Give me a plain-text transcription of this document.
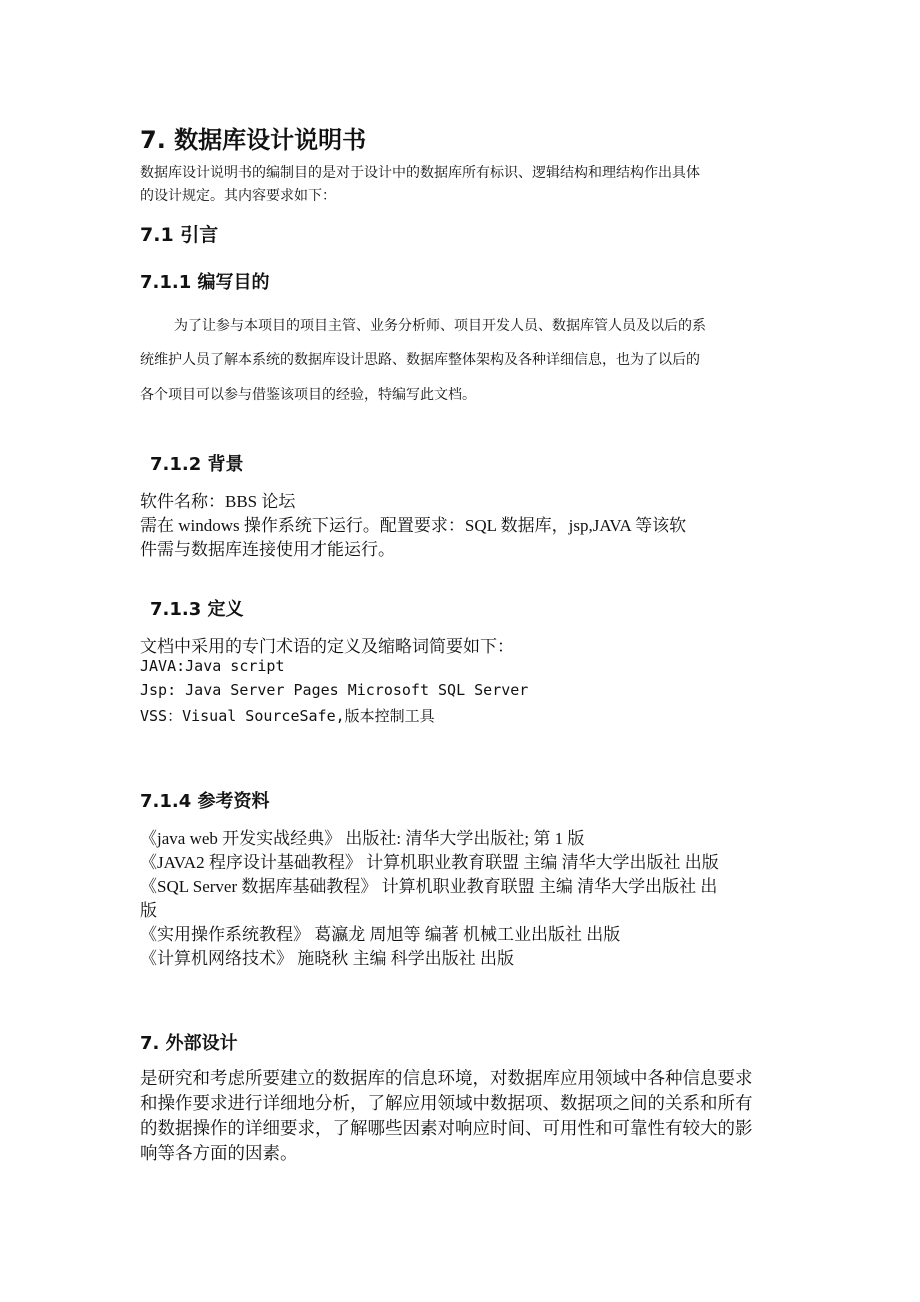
7. 数据库设计说明书
数据库设计说明书的编制目的是对于设计中的数据库所有标识、逻辑结构和理结构作出具体
的设计规定。其内容要求如下：
7.1 引言
7.1.1 编写目的
为了让参与本项目的项目主管、业务分析师、项目开发人员、数据库管人员及以后的系
统维护人员了解本系统的数据库设计思路、数据库整体架构及各种详细信息，也为了以后的
各个项目可以参与借鉴该项目的经验，特编写此文档。
7.1.2 背景
软件名称：BBS 论坛
需在 windows 操作系统下运行。配置要求：SQL 数据库，jsp,JAVA 等该软
件需与数据库连接使用才能运行。
7.1.3 定义
文档中采用的专门术语的定义及缩略词简要如下：
JAVA:Java script
Jsp: Java Server Pages Microsoft SQL Server
VSS：Visual SourceSafe,版本控制工具
7.1.4 参考资料
《java web 开发实战经典》 出版社: 清华大学出版社; 第 1 版
《JAVA2 程序设计基础教程》 计算机职业教育联盟 主编 清华大学出版社 出版
《SQL Server 数据库基础教程》 计算机职业教育联盟 主编 清华大学出版社 出
版
《实用操作系统教程》 葛瀛龙 周旭等 编著 机械工业出版社 出版
《计算机网络技术》 施晓秋 主编 科学出版社 出版
7. 外部设计
是研究和考虑所要建立的数据库的信息环境，对数据库应用领域中各种信息要求
和操作要求进行详细地分析，了解应用领域中数据项、数据项之间的关系和所有
的数据操作的详细要求，了解哪些因素对响应时间、可用性和可靠性有较大的影
响等各方面的因素。
